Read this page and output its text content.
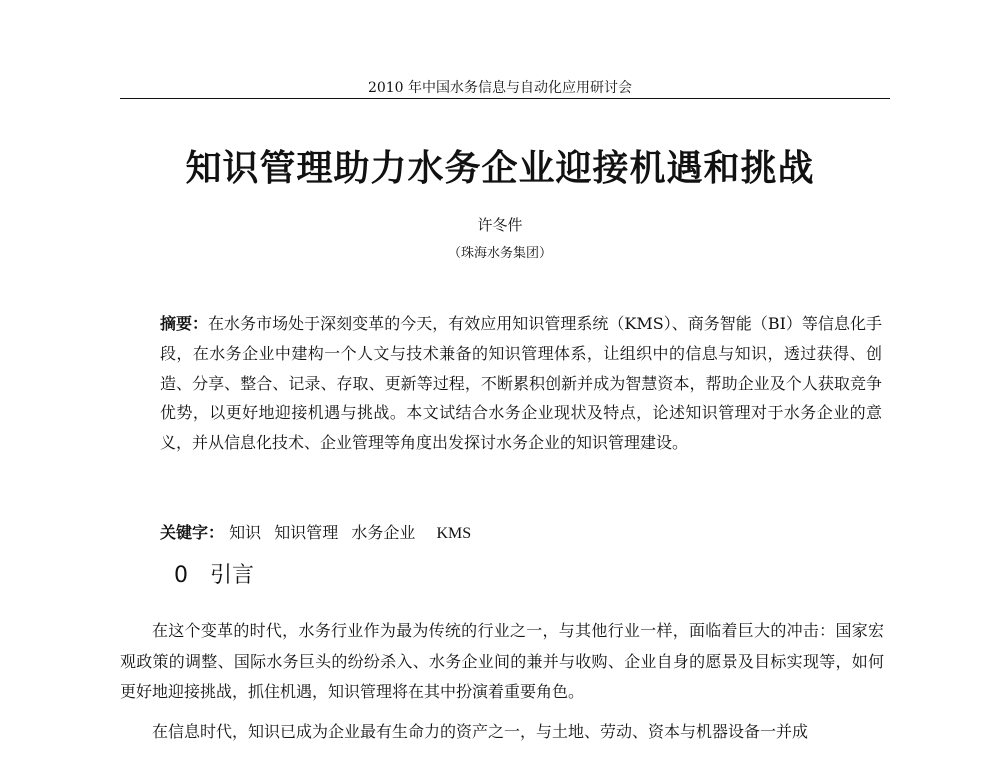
2010 年中国水务信息与自动化应用研讨会
知识管理助力水务企业迎接机遇和挑战
许冬件
（珠海水务集团）

摘要：在水务市场处于深刻变革的今天，有效应用知识管理系统（KMS）、商务智能（BI）等信息化手段，在水务企业中建构一个人文与技术兼备的知识管理体系，让组织中的信息与知识，透过获得、创造、分享、整合、记录、存取、更新等过程，不断累积创新并成为智慧资本，帮助企业及个人获取竞争优势，以更好地迎接机遇与挑战。本文试结合水务企业现状及特点，论述知识管理对于水务企业的意义，并从信息化技术、企业管理等角度出发探讨水务企业的知识管理建设。

关键字： 知识 知识管理 水务企业 KMS
0 引言

在这个变革的时代，水务行业作为最为传统的行业之一，与其他行业一样，面临着巨大的冲击：国家宏观政策的调整、国际水务巨头的纷纷杀入、水务企业间的兼并与收购、企业自身的愿景及目标实现等，如何更好地迎接挑战，抓住机遇，知识管理将在其中扮演着重要角色。

在信息时代，知识已成为企业最有生命力的资产之一，与土地、劳动、资本与机器设备一并成
